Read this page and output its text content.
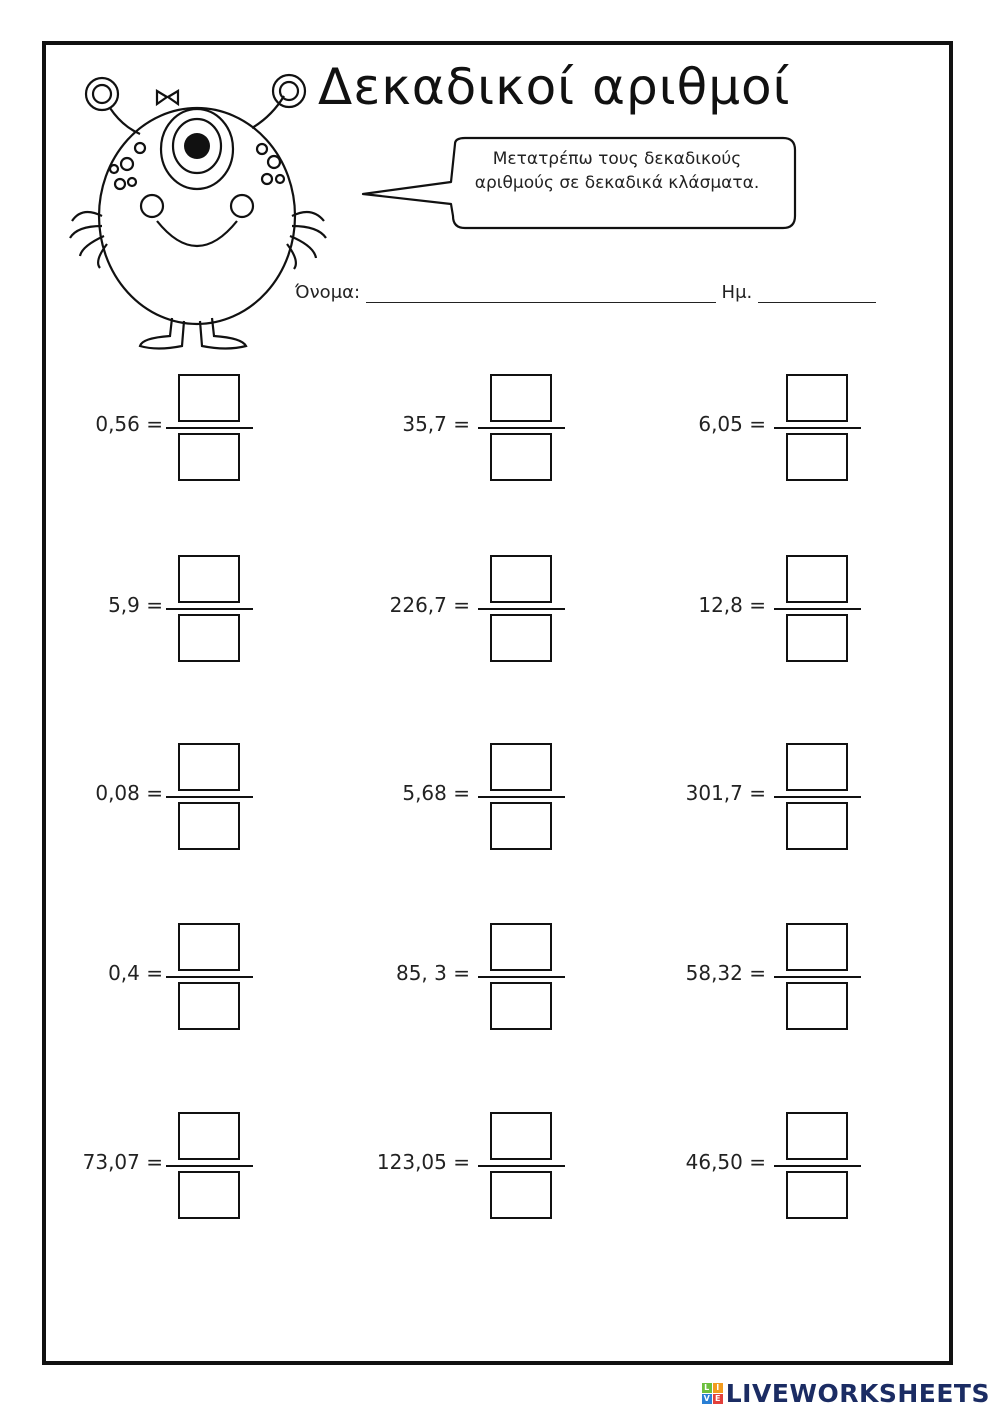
Δεκαδικοί αριθμοί
Μετατρέπω τους δεκαδικούς αριθμούς σε δεκαδικά κλάσματα.
Όνομα:	Ημ.
0,56 =	35,7 =	6,05 =
5,9 =	226,7 =	12,8 =
0,08 =	5,68 =	301,7 =
0,4 =	85, 3 =	58,32 =
73,07 =	123,05 =	46,50 =
L I
V E LIVEWORKSHEETS
